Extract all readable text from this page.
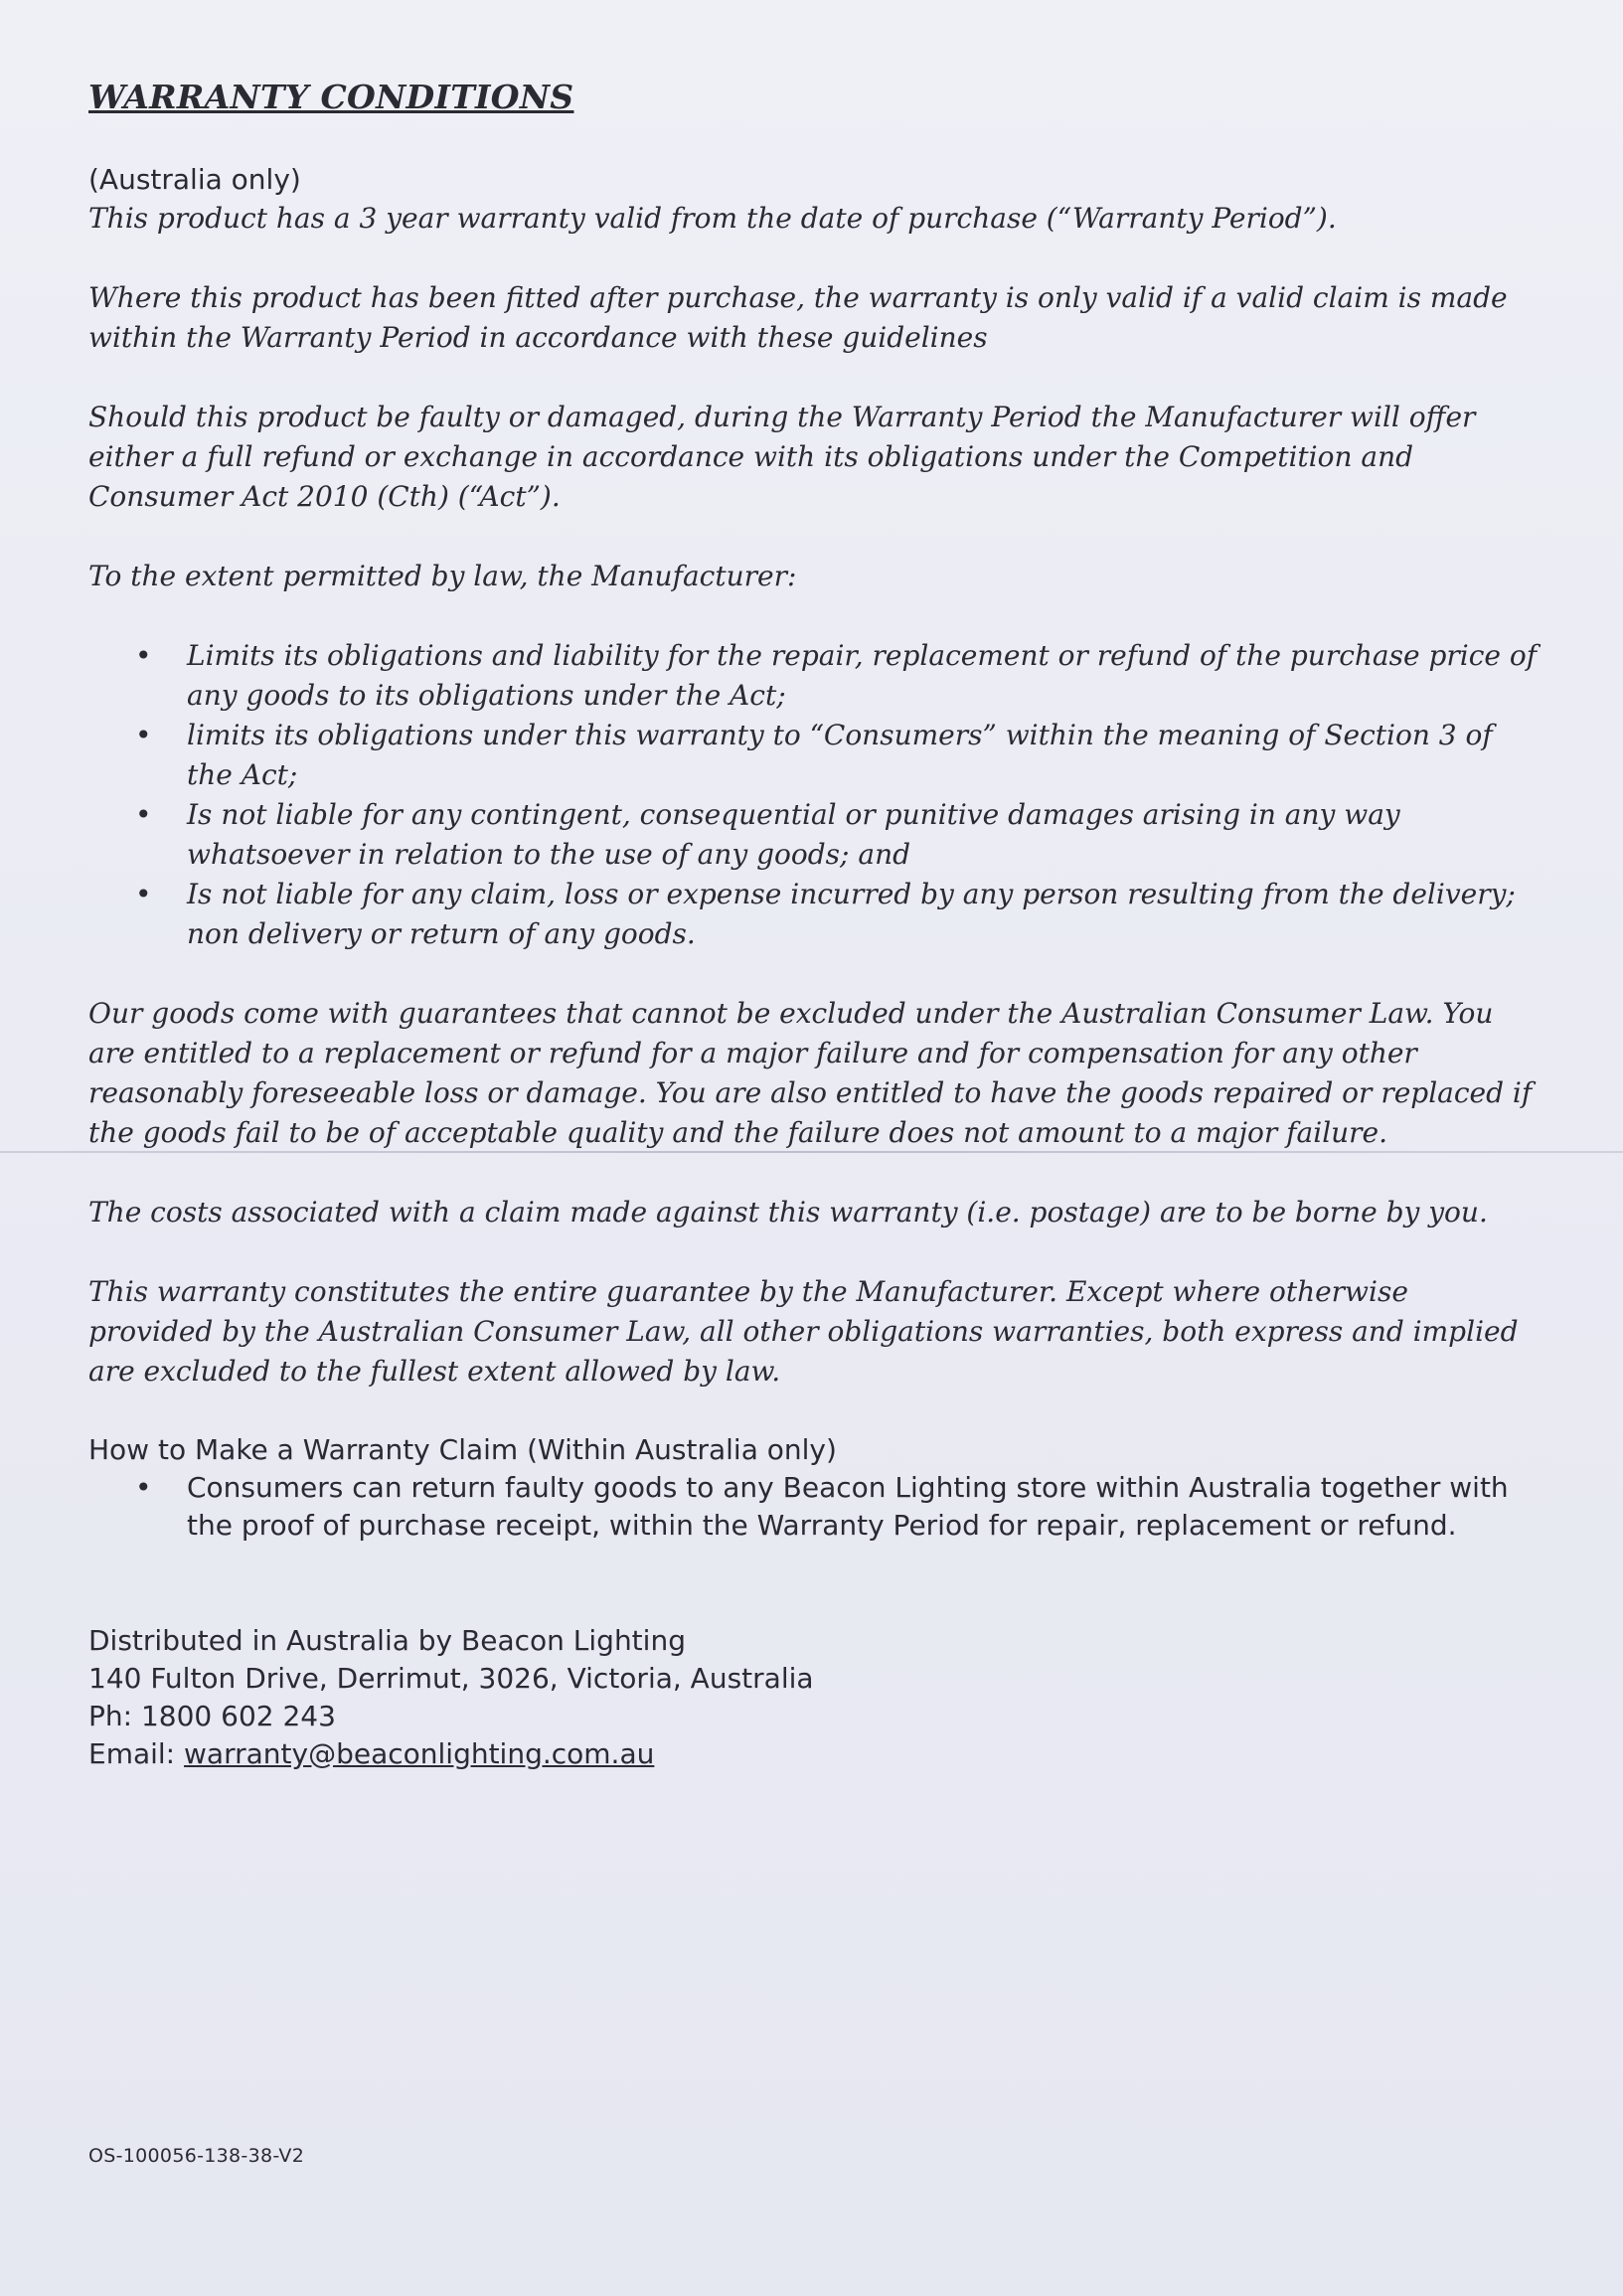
WARRANTY CONDITIONS
(Australia only)
This product has a 3 year warranty valid from the date of purchase (“Warranty Period”).

Where this product has been fitted after purchase, the warranty is only valid if a valid claim is made within the Warranty Period in accordance with these guidelines

Should this product be faulty or damaged, during the Warranty Period the Manufacturer will offer either a full refund or exchange in accordance with its obligations under the Competition and Consumer Act 2010 (Cth) (“Act”).

To the extent permitted by law, the Manufacturer:

• Limits its obligations and liability for the repair, replacement or refund of the purchase price of any goods to its obligations under the Act;
• limits its obligations under this warranty to “Consumers” within the meaning of Section 3 of the Act;
• Is not liable for any contingent, consequential or punitive damages arising in any way whatsoever in relation to the use of any goods; and
• Is not liable for any claim, loss or expense incurred by any person resulting from the delivery; non delivery or return of any goods.

Our goods come with guarantees that cannot be excluded under the Australian Consumer Law. You are entitled to a replacement or refund for a major failure and for compensation for any other reasonably foreseeable loss or damage. You are also entitled to have the goods repaired or replaced if the goods fail to be of acceptable quality and the failure does not amount to a major failure.

The costs associated with a claim made against this warranty (i.e. postage) are to be borne by you.

This warranty constitutes the entire guarantee by the Manufacturer. Except where otherwise provided by the Australian Consumer Law, all other obligations warranties, both express and implied are excluded to the fullest extent allowed by law.

How to Make a Warranty Claim (Within Australia only)
• Consumers can return faulty goods to any Beacon Lighting store within Australia together with the proof of purchase receipt, within the Warranty Period for repair, replacement or refund.
Distributed in Australia by Beacon Lighting
140 Fulton Drive, Derrimut, 3026, Victoria, Australia
Ph: 1800 602 243
Email: warranty@beaconlighting.com.au
OS-100056-138-38-V2
